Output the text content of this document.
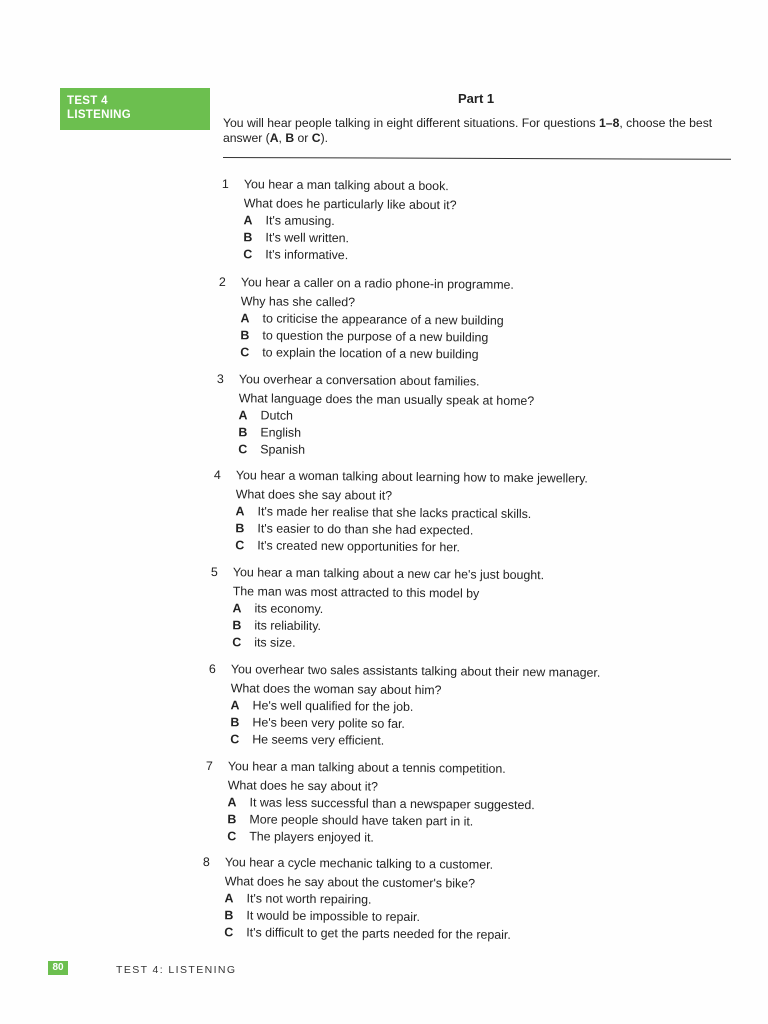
TEST 4
LISTENING
Part 1
You will hear people talking in eight different situations. For questions 1–8, choose the best answer (A, B or C).
1	You hear a man talking about a book.
What does he particularly like about it?
A	It's amusing.
B	It's well written.
C	It's informative.
2	You hear a caller on a radio phone-in programme.
Why has she called?
A	to criticise the appearance of a new building
B	to question the purpose of a new building
C	to explain the location of a new building
3	You overhear a conversation about families.
What language does the man usually speak at home?
A	Dutch
B	English
C	Spanish
4	You hear a woman talking about learning how to make jewellery.
What does she say about it?
A	It's made her realise that she lacks practical skills.
B	It's easier to do than she had expected.
C	It's created new opportunities for her.
5	You hear a man talking about a new car he's just bought.
The man was most attracted to this model by
A	its economy.
B	its reliability.
C	its size.
6	You overhear two sales assistants talking about their new manager.
What does the woman say about him?
A	He's well qualified for the job.
B	He's been very polite so far.
C	He seems very efficient.
7	You hear a man talking about a tennis competition.
What does he say about it?
A	It was less successful than a newspaper suggested.
B	More people should have taken part in it.
C	The players enjoyed it.
8	You hear a cycle mechanic talking to a customer.
What does he say about the customer's bike?
A	It's not worth repairing.
B	It would be impossible to repair.
C	It's difficult to get the parts needed for the repair.
80	TEST 4: LISTENING
